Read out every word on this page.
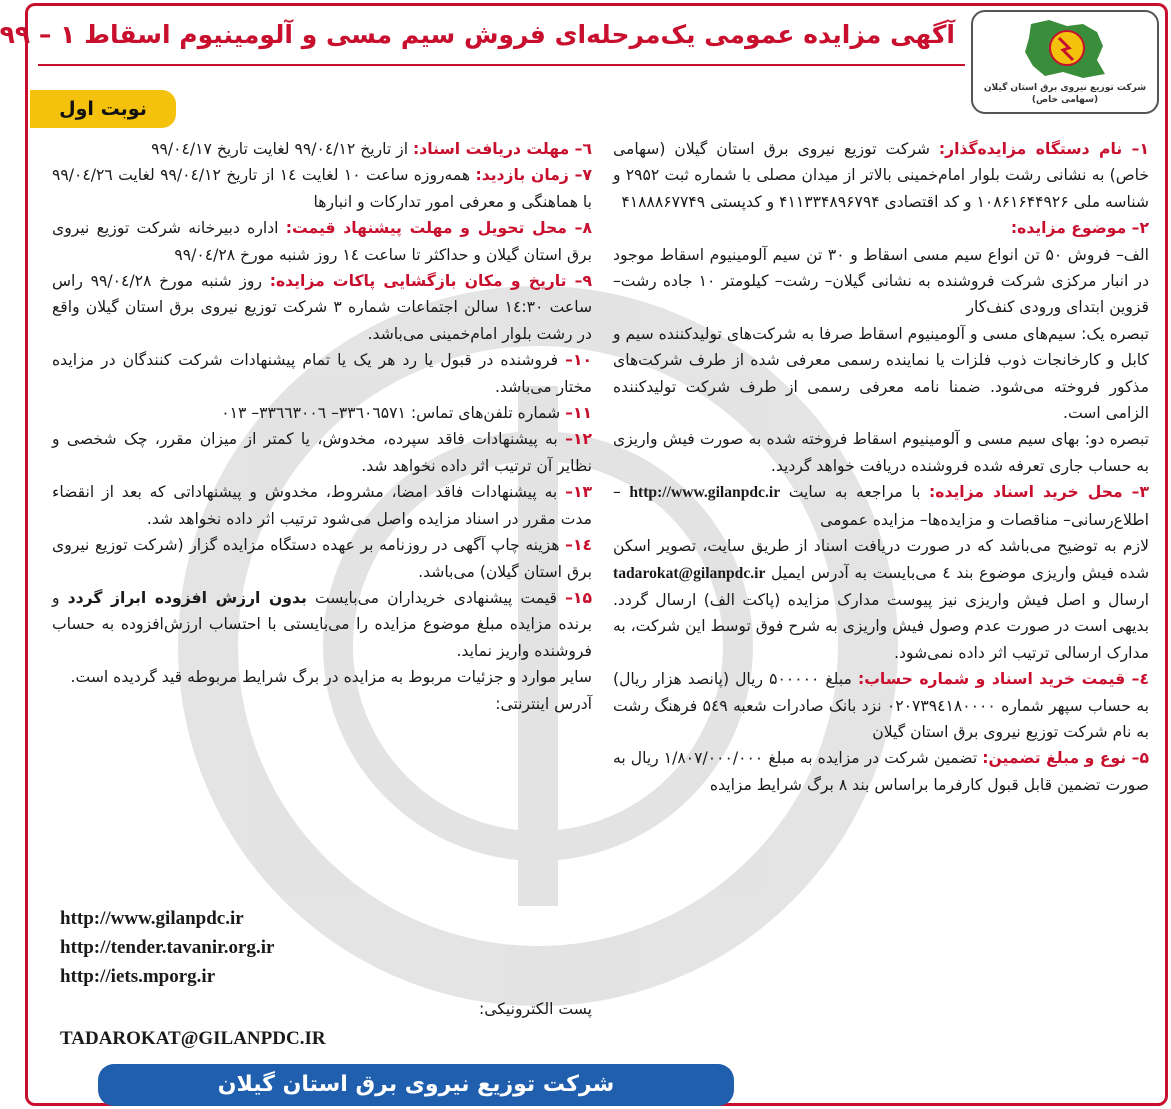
شرکت توزیع نیروی برق استان گیلان
(سهامی خاص)
آگهی مزایده عمومی یک‌مرحله‌ای فروش سیم مسی و آلومینیوم اسقاط ۱ – ۹۹
نوبت اول

۱– نام دستگاه مزایده‌گذار: شرکت توزیع نیروی برق استان گیلان (سهامی خاص) به نشانی رشت بلوار امام‌خمینی بالاتر از میدان مصلی با شماره ثبت ۲۹۵۲ و شناسه ملی ۱۰۸۶۱۶۴۴۹۲۶ و کد اقتصادی ۴۱۱۳۳۴۸۹۶۷۹۴ و کدپستی ۴۱۸۸۸۶۷۷۴۹

۲– موضوع مزایده:

الف– فروش ۵۰ تن انواع سیم مسی اسقاط و ۳۰ تن سیم آلومینیوم اسقاط موجود در انبار مرکزی شرکت فروشنده به نشانی گیلان– رشت– کیلومتر ۱۰ جاده رشت– قزوین ابتدای ورودی کنف‌کار

تبصره یک: سیم‌های مسی و آلومینیوم اسقاط صرفا به شرکت‌های تولیدکننده سیم و کابل و کارخانجات ذوب فلزات یا نماینده رسمی معرفی شده از طرف شرکت‌های مذکور فروخته می‌شود. ضمنا نامه معرفی رسمی از طرف شرکت تولیدکننده الزامی است.

تبصره دو: بهای سیم مسی و آلومینیوم اسقاط فروخته شده به صورت فیش واریزی به حساب جاری تعرفه شده فروشنده دریافت خواهد گردید.

۳– محل خرید اسناد مزایده: با مراجعه به سایت http://www.gilanpdc.ir – اطلاع‌رسانی– مناقصات و مزایده‌ها– مزایده عمومی

لازم به توضیح می‌باشد که در صورت دریافت اسناد از طریق سایت، تصویر اسکن شده فیش واریزی موضوع بند ٤ می‌بایست به آدرس ایمیل tadarokat@gilanpdc.ir ارسال و اصل فیش واریزی نیز پیوست مدارک مزایده (پاکت الف) ارسال گردد. بدیهی است در صورت عدم وصول فیش واریزی به شرح فوق توسط این شرکت، به مدارک ارسالی ترتیب اثر داده نمی‌شود.

٤– قیمت خرید اسناد و شماره حساب: مبلغ ۵۰۰۰۰۰ ریال (پانصد هزار ریال) به حساب سپهر شماره ۰۲۰۷۳۹٤۱۸۰۰۰۰ نزد بانک صادرات شعبه ۵٤۹ فرهنگ رشت به نام شرکت توزیع نیروی برق استان گیلان

۵– نوع و مبلغ تضمین: تضمین شرکت در مزایده به مبلغ ۱/۸۰۷/۰۰۰/۰۰۰ ریال به صورت تضمین قابل قبول کارفرما براساس بند ۸ برگ شرایط مزایده

٦– مهلت دریافت اسناد: از تاریخ ۹۹/۰٤/۱۲ لغایت تاریخ ۹۹/۰٤/۱۷

۷– زمان بازدید: همه‌روزه ساعت ۱۰ لغایت ۱٤ از تاریخ ۹۹/۰٤/۱۲ لغایت ۹۹/۰٤/۲٦ با هماهنگی و معرفی امور تدارکات و انبارها

۸– محل تحویل و مهلت پیشنهاد قیمت: اداره دبیرخانه شرکت توزیع نیروی برق استان گیلان و حداکثر تا ساعت ۱٤ روز شنبه مورخ ۹۹/۰٤/۲۸

۹– تاریخ و مکان بازگشایی پاکات مزایده: روز شنبه مورخ ۹۹/۰٤/۲۸ راس ساعت ۱٤:۳۰ سالن اجتماعات شماره ۳ شرکت توزیع نیروی برق استان گیلان واقع در رشت بلوار امام‌خمینی می‌باشد.

۱۰– فروشنده در قبول یا رد هر یک یا تمام پیشنهادات شرکت کنندگان در مزایده مختار می‌باشد.

۱۱– شماره تلفن‌های تماس: ۳۳٦۰٦۵۷۱– ۳۳٦٦۳۰۰٦– ۰۱۳

۱۲– به پیشنهادات فاقد سپرده، مخدوش، یا کمتر از میزان مقرر، چک شخصی و نظایر آن ترتیب اثر داده نخواهد شد.

۱۳– به پیشنهادات فاقد امضا، مشروط، مخدوش و پیشنهاداتی که بعد از انقضاء مدت مقرر در اسناد مزایده واصل می‌شود ترتیب اثر داده نخواهد شد.

۱٤– هزینه چاپ آگهی در روزنامه بر عهده دستگاه مزایده گزار (شرکت توزیع نیروی برق استان گیلان) می‌باشد.

۱۵– قیمت پیشنهادی خریداران می‌بایست بدون ارزش افزوده ابراز گردد و برنده مزایده مبلغ موضوع مزایده را می‌بایستی با احتساب ارزش‌افزوده به حساب فروشنده واریز نماید.

سایر موارد و جزئیات مربوط به مزایده در برگ شرایط مربوطه قید گردیده است.

آدرس اینترنتی:

http://www.gilanpdc.ir
http://tender.tavanir.org.ir
http://iets.mporg.ir

پست الکترونیکی:

TADAROKAT@GILANPDC.IR
شرکت توزیع نیروی برق استان گیلان
